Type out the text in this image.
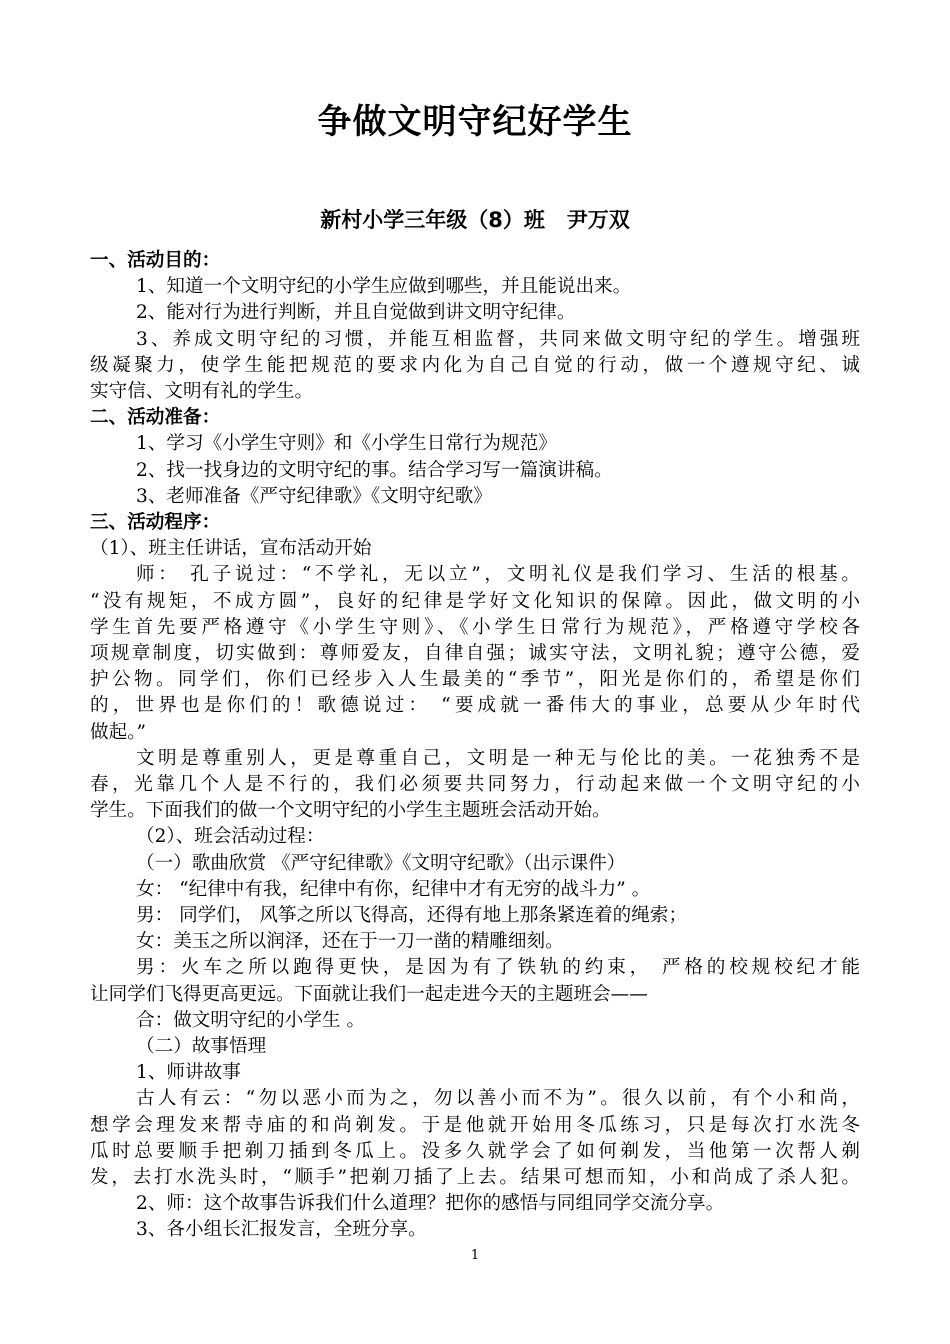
争做文明守纪好学生
新村小学三年级（8）班   尹万双

一、活动目的：

1、知道一个文明守纪的小学生应做到哪些，并且能说出来。

2、能对行为进行判断，并且自觉做到讲文明守纪律。

3、养成文明守纪的习惯，并能互相监督，共同来做文明守纪的学生。增强班

级凝聚力，使学生能把规范的要求内化为自己自觉的行动，做一个遵规守纪、诚

实守信、文明有礼的学生。

二、活动准备：

1、学习《小学生守则》和《小学生日常行为规范》

2、找一找身边的文明守纪的事。结合学习写一篇演讲稿。

3、老师准备《严守纪律歌》《文明守纪歌》

三、活动程序：

（1）、班主任讲话，宣布活动开始

师： 孔子说过：“不学礼，无以立”，文明礼仪是我们学习、生活的根基。

“没有规矩，不成方圆”，良好的纪律是学好文化知识的保障。因此，做文明的小

学生首先要严格遵守《小学生守则》、《小学生日常行为规范》，严格遵守学校各

项规章制度，切实做到：尊师爱友，自律自强；诚实守法，文明礼貌；遵守公德，爱

护公物。同学们，你们已经步入人生最美的“季节”，阳光是你们的，希望是你们

的，世界也是你们的！歌德说过： “要成就一番伟大的事业，总要从少年时代

做起。”

文明是尊重别人，更是尊重自己，文明是一种无与伦比的美。一花独秀不是

春，光靠几个人是不行的，我们必须要共同努力，行动起来做一个文明守纪的小

学生。下面我们的做一个文明守纪的小学生主题班会活动开始。

（2）、班会活动过程：

（一）歌曲欣赏 《严守纪律歌》《文明守纪歌》（出示课件）

女： “纪律中有我，纪律中有你，纪律中才有无穷的战斗力” 。

男： 同学们， 风筝之所以飞得高，还得有地上那条紧连着的绳索；

女：美玉之所以润泽，还在于一刀一凿的精雕细刻。

男：火车之所以跑得更快，是因为有了铁轨的约束， 严格的校规校纪才能

让同学们飞得更高更远。下面就让我们一起走进今天的主题班会——

合：做文明守纪的小学生 。

（二）故事悟理

1、师讲故事

古人有云：“勿以恶小而为之，勿以善小而不为”。很久以前，有个小和尚，

想学会理发来帮寺庙的和尚剃发。于是他就开始用冬瓜练习，只是每次打水洗冬

瓜时总要顺手把剃刀插到冬瓜上。没多久就学会了如何剃发，当他第一次帮人剃

发，去打水洗头时，“顺手”把剃刀插了上去。结果可想而知，小和尚成了杀人犯。

2、师：这个故事告诉我们什么道理？把你的感悟与同组同学交流分享。

3、各小组长汇报发言，全班分享。

1
